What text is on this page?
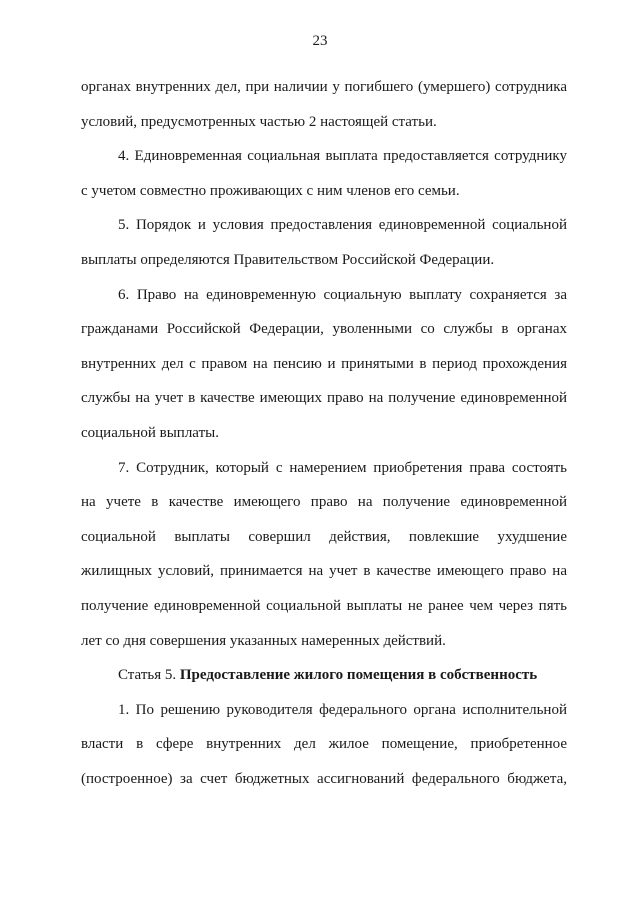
23

органах внутренних дел, при наличии у погибшего (умершего) сотрудника

условий, предусмотренных частью 2 настоящей статьи.

4. Единовременная социальная выплата предоставляется сотруднику

с учетом совместно проживающих с ним членов его семьи.

5. Порядок и условия предоставления единовременной социальной

выплаты определяются Правительством Российской Федерации.

6. Право на единовременную социальную выплату сохраняется за

гражданами Российской Федерации, уволенными со службы в органах

внутренних дел с правом на пенсию и принятыми в период прохождения

службы на учет в качестве имеющих право на получение единовременной

социальной выплаты.

7. Сотрудник, который с намерением приобретения права состоять

на учете в качестве имеющего право на получение единовременной

социальной выплаты совершил действия, повлекшие ухудшение

жилищных условий, принимается на учет в качестве имеющего право на

получение единовременной социальной выплаты не ранее чем через пять

лет со дня совершения указанных намеренных действий.

Статья 5. Предоставление жилого помещения в собственность

1. По решению руководителя федерального органа исполнительной

власти в сфере внутренних дел жилое помещение, приобретенное

(построенное) за счет бюджетных ассигнований федерального бюджета,
